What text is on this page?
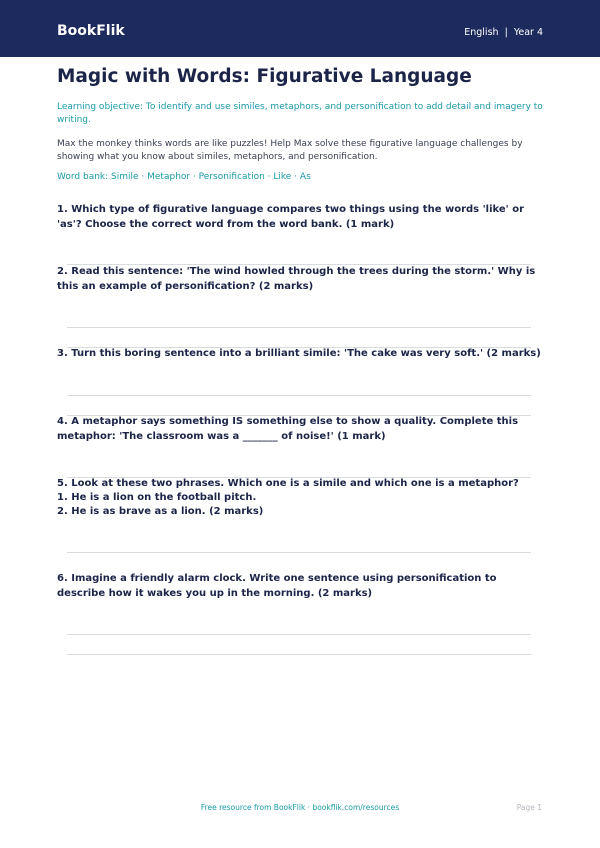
BookFlik	English  |  Year 4
Magic with Words: Figurative Language
Learning objective: To identify and use similes, metaphors, and personification to add detail and imagery to writing.
Max the monkey thinks words are like puzzles! Help Max solve these figurative language challenges by showing what you know about similes, metaphors, and personification.
Word bank: Simile · Metaphor · Personification · Like · As
1. Which type of figurative language compares two things using the words 'like' or 'as'? Choose the correct word from the word bank. (1 mark)
2. Read this sentence: 'The wind howled through the trees during the storm.' Why is this an example of personification? (2 marks)
3. Turn this boring sentence into a brilliant simile: 'The cake was very soft.' (2 marks)
4. A metaphor says something IS something else to show a quality. Complete this metaphor: 'The classroom was a _______ of noise!' (1 mark)
5. Look at these two phrases. Which one is a simile and which one is a metaphor?
1. He is a lion on the football pitch.
2. He is as brave as a lion. (2 marks)
6. Imagine a friendly alarm clock. Write one sentence using personification to describe how it wakes you up in the morning. (2 marks)
Free resource from BookFlik · bookflik.com/resources	Page 1
